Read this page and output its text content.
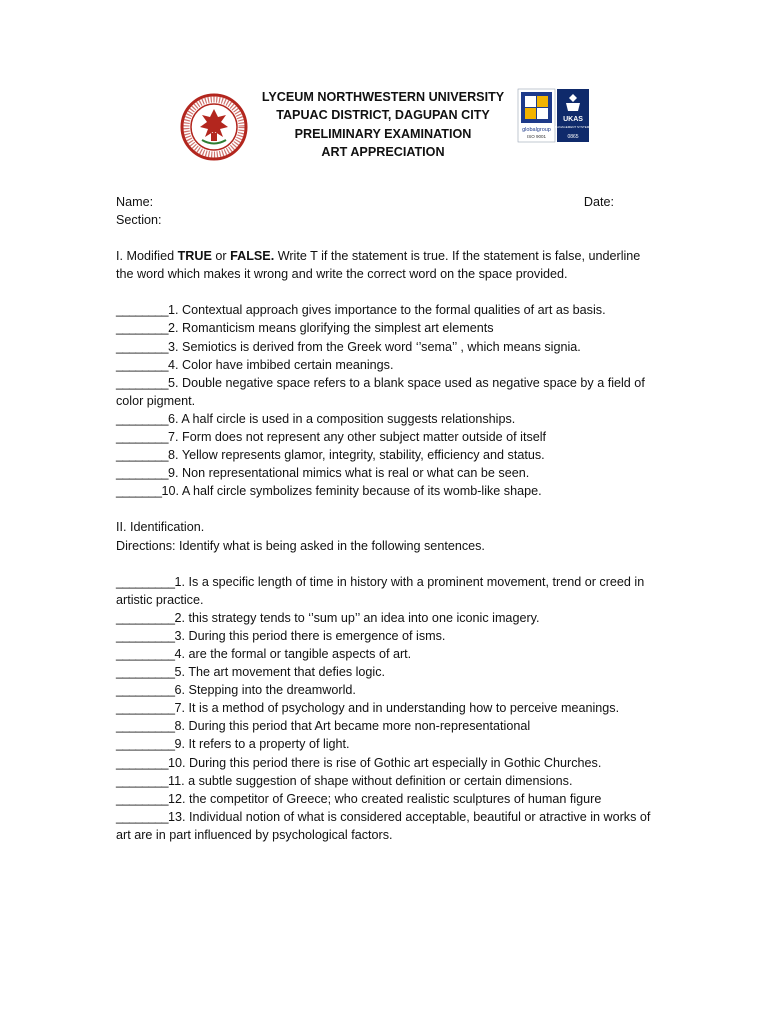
LYCEUM NORTHWESTERN UNIVERSITY
TAPUAC DISTRICT, DAGUPAN CITY
PRELIMINARY EXAMINATION
ART APPRECIATION
globalgroup
ISO 9001
UKAS
MANAGEMENT SYSTEMS
0865
Name:	Date:
Section:
I. Modified TRUE or FALSE. Write T if the statement is true. If the statement is false, underline the word which makes it wrong and write the correct word on the space provided.
________1. Contextual approach gives importance to the formal qualities of art as basis.
________2. Romanticism means glorifying the simplest art elements
________3. Semiotics is derived from the Greek word ‘’sema’’ , which means signia.
________4. Color have imbibed certain meanings.
________5. Double negative space refers to a blank space used as negative space by a field of color pigment.
________6. A half circle is used in a composition suggests relationships.
________7. Form does not represent any other subject matter outside of itself
________8. Yellow represents glamor, integrity, stability, efficiency and status.
________9. Non representational mimics what is real or what can be seen.
_______10. A half circle symbolizes feminity because of its womb-like shape.
II. Identification.
Directions: Identify what is being asked in the following sentences.
_________1. Is a specific length of time in history with a prominent movement, trend or creed in artistic practice.
_________2. this strategy tends to ‘’sum up’’ an idea into one iconic imagery.
_________3. During this period there is emergence of isms.
_________4. are the formal or tangible aspects of art.
_________5. The art movement that defies logic.
_________6. Stepping into the dreamworld.
_________7. It is a method of psychology and in understanding how to perceive meanings.
_________8. During this period that Art became more non-representational
_________9. It refers to a property of light.
________10. During this period there is rise of Gothic art especially in Gothic Churches.
________11. a subtle suggestion of shape without definition or certain dimensions.
________12. the competitor of Greece; who created realistic sculptures of human figure
________13. Individual notion of what is considered acceptable, beautiful or atractive in works of art are in part influenced by psychological factors.
